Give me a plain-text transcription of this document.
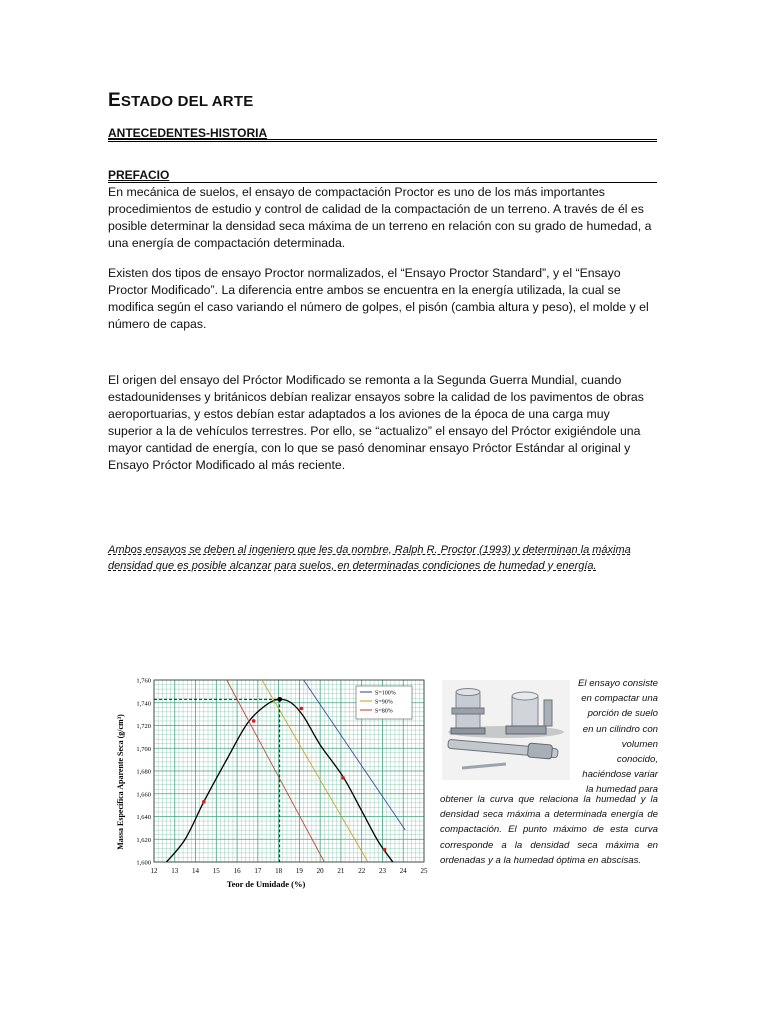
ESTADO DEL ARTE
ANTECEDENTES-HISTORIA
PREFACIO
En mecánica de suelos, el ensayo de compactación Proctor es uno de los más importantes procedimientos de estudio y control de calidad de la compactación de un terreno. A través de él es posible determinar la densidad seca máxima de un terreno en relación con su grado de humedad, a una energía de compactación determinada.
Existen dos tipos de ensayo Proctor normalizados, el “Ensayo Proctor Standard”, y el “Ensayo Proctor Modificado”. La diferencia entre ambos se encuentra en la energía utilizada, la cual se modifica según el caso variando el número de golpes, el pisón (cambia altura y peso), el molde y el número de capas.
El origen del ensayo del Próctor Modificado se remonta a la Segunda Guerra Mundial, cuando estadounidenses y británicos debían realizar ensayos sobre la calidad de los pavimentos de obras aeroportuarias, y estos debían estar adaptados a los aviones de la época de una carga muy superior a la de vehículos terrestres. Por ello, se “actualizo” el ensayo del Próctor exigiéndole una mayor cantidad de energía, con lo que se pasó denominar ensayo Próctor Estándar al original y Ensayo Próctor Modificado al más reciente.
Ambos ensayos se deben al ingeniero que les da nombre, Ralph R. Proctor (1993) y determinan la máxima densidad que es posible alcanzar para suelos, en determinadas condiciones de humedad y energía.
12 13 14 15 16 17 18 19 20 21 22 23 24 25
1,600
1,620
1,640
1,660
1,680
1,700
1,720
1,740
1,760
S=100%
S=90%
S=80%
Teor de Umidade (%)
Massa Específica Aparente Seca (g/cm³)
El ensayo consiste
en compactar una
porción de suelo
en un cilindro con
volumen
conocido,
haciéndose variar
la humedad para
obtener la curva que relaciona la humedad y la densidad seca máxima a determinada energía de compactación. El punto máximo de esta curva corresponde a la densidad seca máxima en ordenadas y a la humedad óptima en abscisas.
